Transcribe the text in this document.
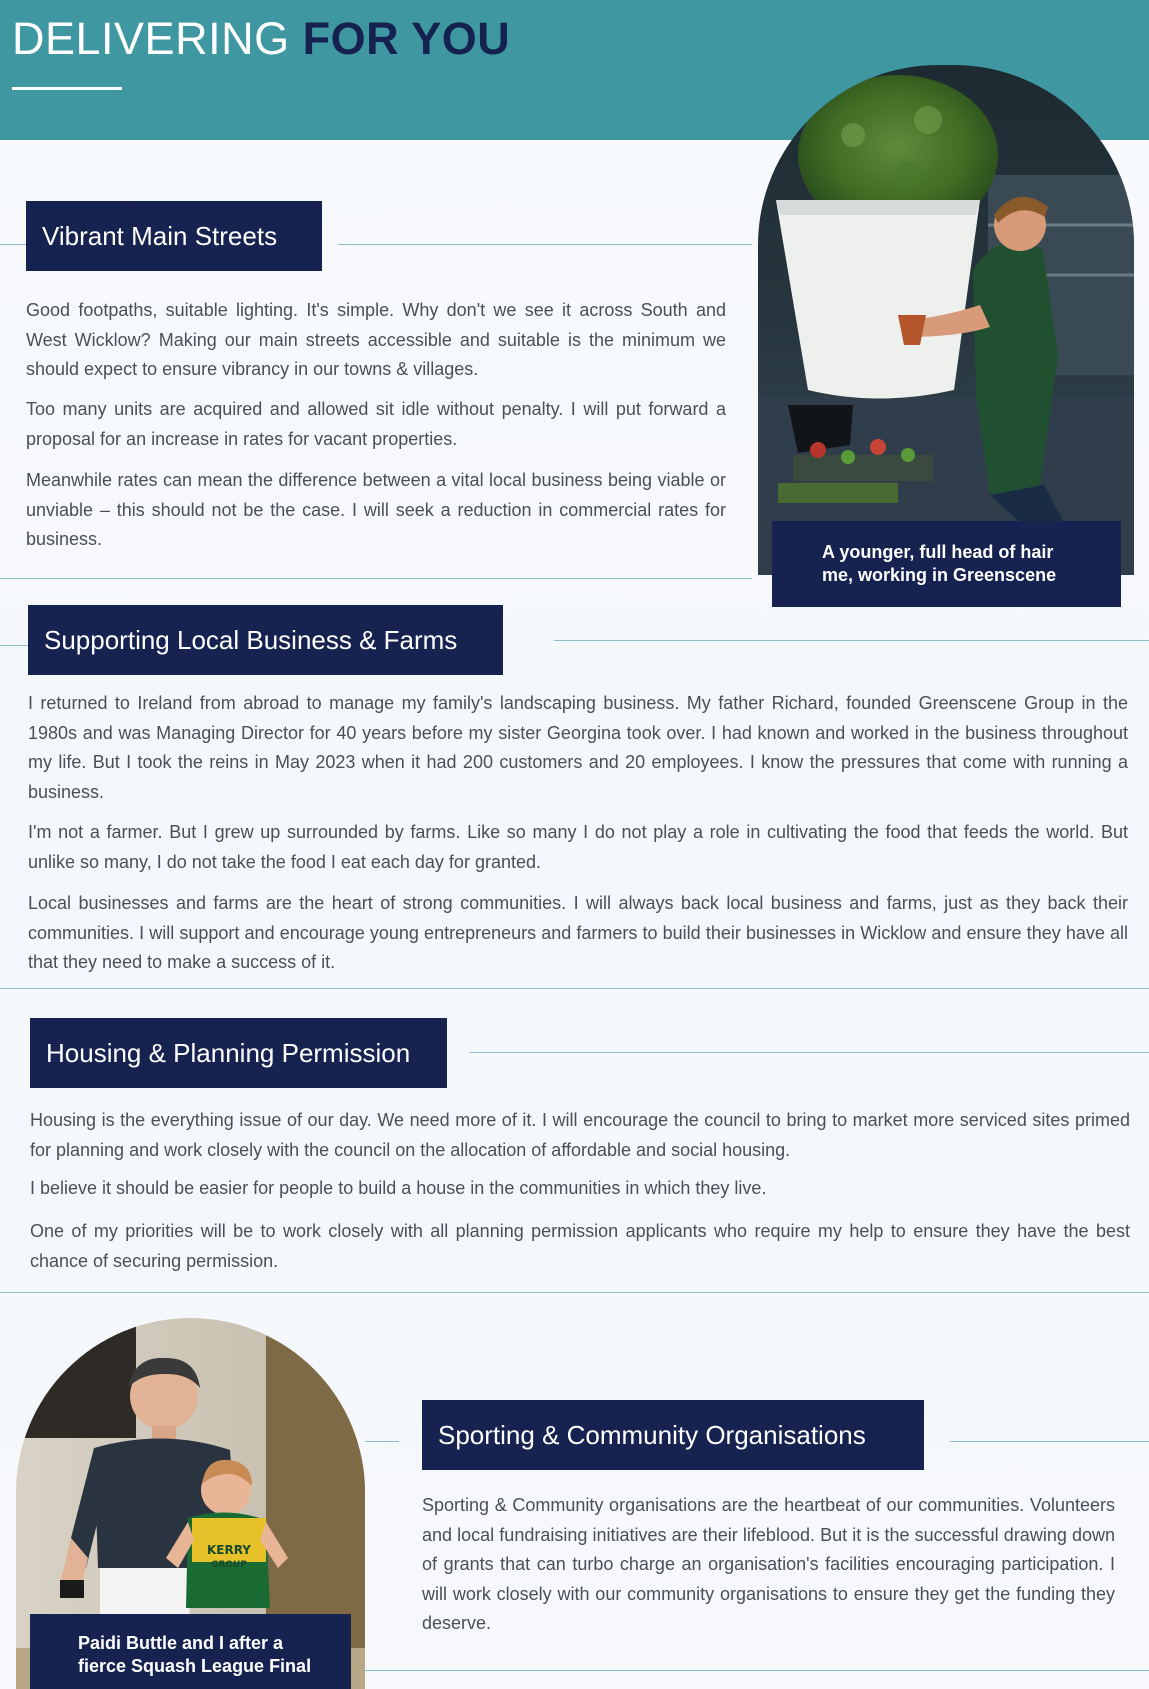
DELIVERING FOR YOU
Vibrant Main Streets

Good footpaths, suitable lighting. It's simple. Why don't we see it across South and West Wicklow? Making our main streets accessible and suitable is the minimum we should expect to ensure vibrancy in our towns & villages.

Too many units are acquired and allowed sit idle without penalty. I will put forward a proposal for an increase in rates for vacant properties.

Meanwhile rates can mean the difference between a vital local business being viable or unviable – this should not be the case. I will seek a reduction in commercial rates for business.

A younger, full head of hair
me, working in Greenscene
Supporting Local Business & Farms

I returned to Ireland from abroad to manage my family's landscaping business. My father Richard, founded Greenscene Group in the 1980s and was Managing Director for 40 years before my sister Georgina took over. I had known and worked in the business throughout my life. But I took the reins in May 2023 when it had 200 customers and 20 employees. I know the pressures that come with running a business.

I'm not a farmer. But I grew up surrounded by farms. Like so many I do not play a role in cultivating the food that feeds the world. But unlike so many, I do not take the food I eat each day for granted.

Local businesses and farms are the heart of strong communities. I will always back local business and farms, just as they back their communities. I will support and encourage young entrepreneurs and farmers to build their businesses in Wicklow and ensure they have all that they need to make a success of it.

Housing & Planning Permission

Housing is the everything issue of our day. We need more of it. I will encourage the council to bring to market more serviced sites primed for planning and work closely with the council on the allocation of affordable and social housing.

I believe it should be easier for people to build a house in the communities in which they live.

One of my priorities will be to work closely with all planning permission applicants who require my help to ensure they have the best chance of securing permission.

KERRY
GROUP
Paidi Buttle and I after a
fierce Squash League Final
Sporting & Community Organisations

Sporting & Community organisations are the heartbeat of our communities. Volunteers and local fundraising initiatives are their lifeblood. But it is the successful drawing down of grants that can turbo charge an organisation's facilities encouraging participation. I will work closely with our community organisations to ensure they get the funding they deserve.
